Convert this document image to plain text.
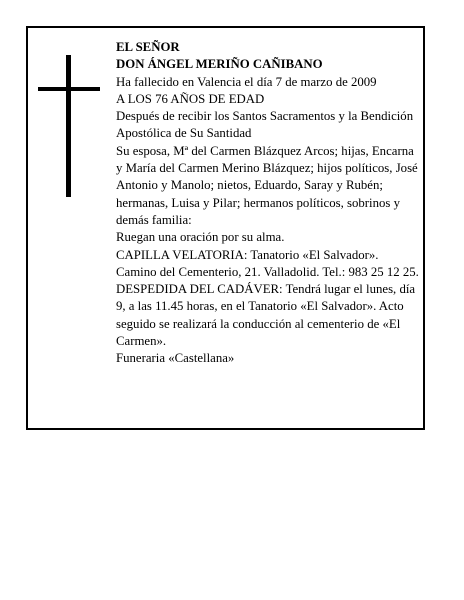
EL SEÑOR

DON ÁNGEL MERIÑO CAÑIBANO

Ha fallecido en Valencia el día 7 de marzo de 2009

A LOS 76 AÑOS DE EDAD

Después de recibir los Santos Sacramentos y la Bendición Apostólica de Su Santidad

Su esposa, Mª del Carmen Blázquez Arcos; hijas, Encarna y María del Carmen Merino Blázquez; hijos políticos, José Antonio y Manolo; nietos, Eduardo, Saray y Rubén; hermanas, Luisa y Pilar; hermanos políticos, sobrinos y demás familia:

Ruegan una oración por su alma.

CAPILLA VELATORIA: Tanatorio «El Salvador». Camino del Cementerio, 21. Valladolid. Tel.: 983 25 12 25.

DESPEDIDA DEL CADÁVER: Tendrá lugar el lunes, día 9, a las 11.45 horas, en el Tanatorio «El Salvador». Acto seguido se realizará la conducción al cementerio de «El Carmen».

Funeraria «Castellana»
